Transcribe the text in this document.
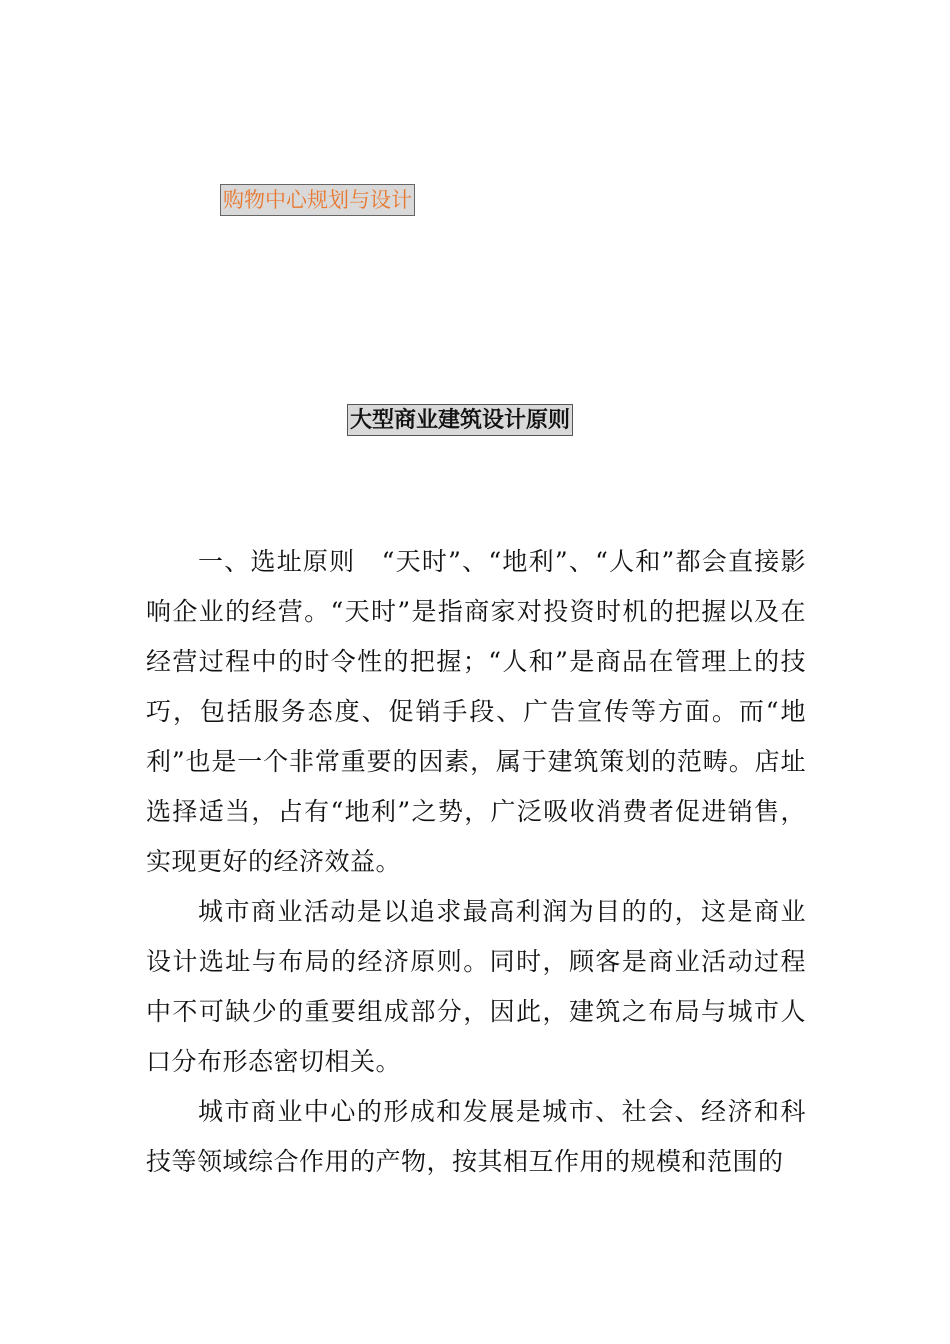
购物中心规划与设计
大型商业建筑设计原则

一、选址原则　“天时”、“地利”、“人和”都会直接影响企业的经营。“天时”是指商家对投资时机的把握以及在经营过程中的时令性的把握；“人和”是商品在管理上的技巧，包括服务态度、促销手段、广告宣传等方面。而“地利”也是一个非常重要的因素，属于建筑策划的范畴。店址选择适当，占有“地利”之势，广泛吸收消费者促进销售，实现更好的经济效益。

城市商业活动是以追求最高利润为目的的，这是商业设计选址与布局的经济原则。同时，顾客是商业活动过程中不可缺少的重要组成部分，因此，建筑之布局与城市人口分布形态密切相关。

城市商业中心的形成和发展是城市、社会、经济和科技等领域综合作用的产物，按其相互作用的规模和范围的
